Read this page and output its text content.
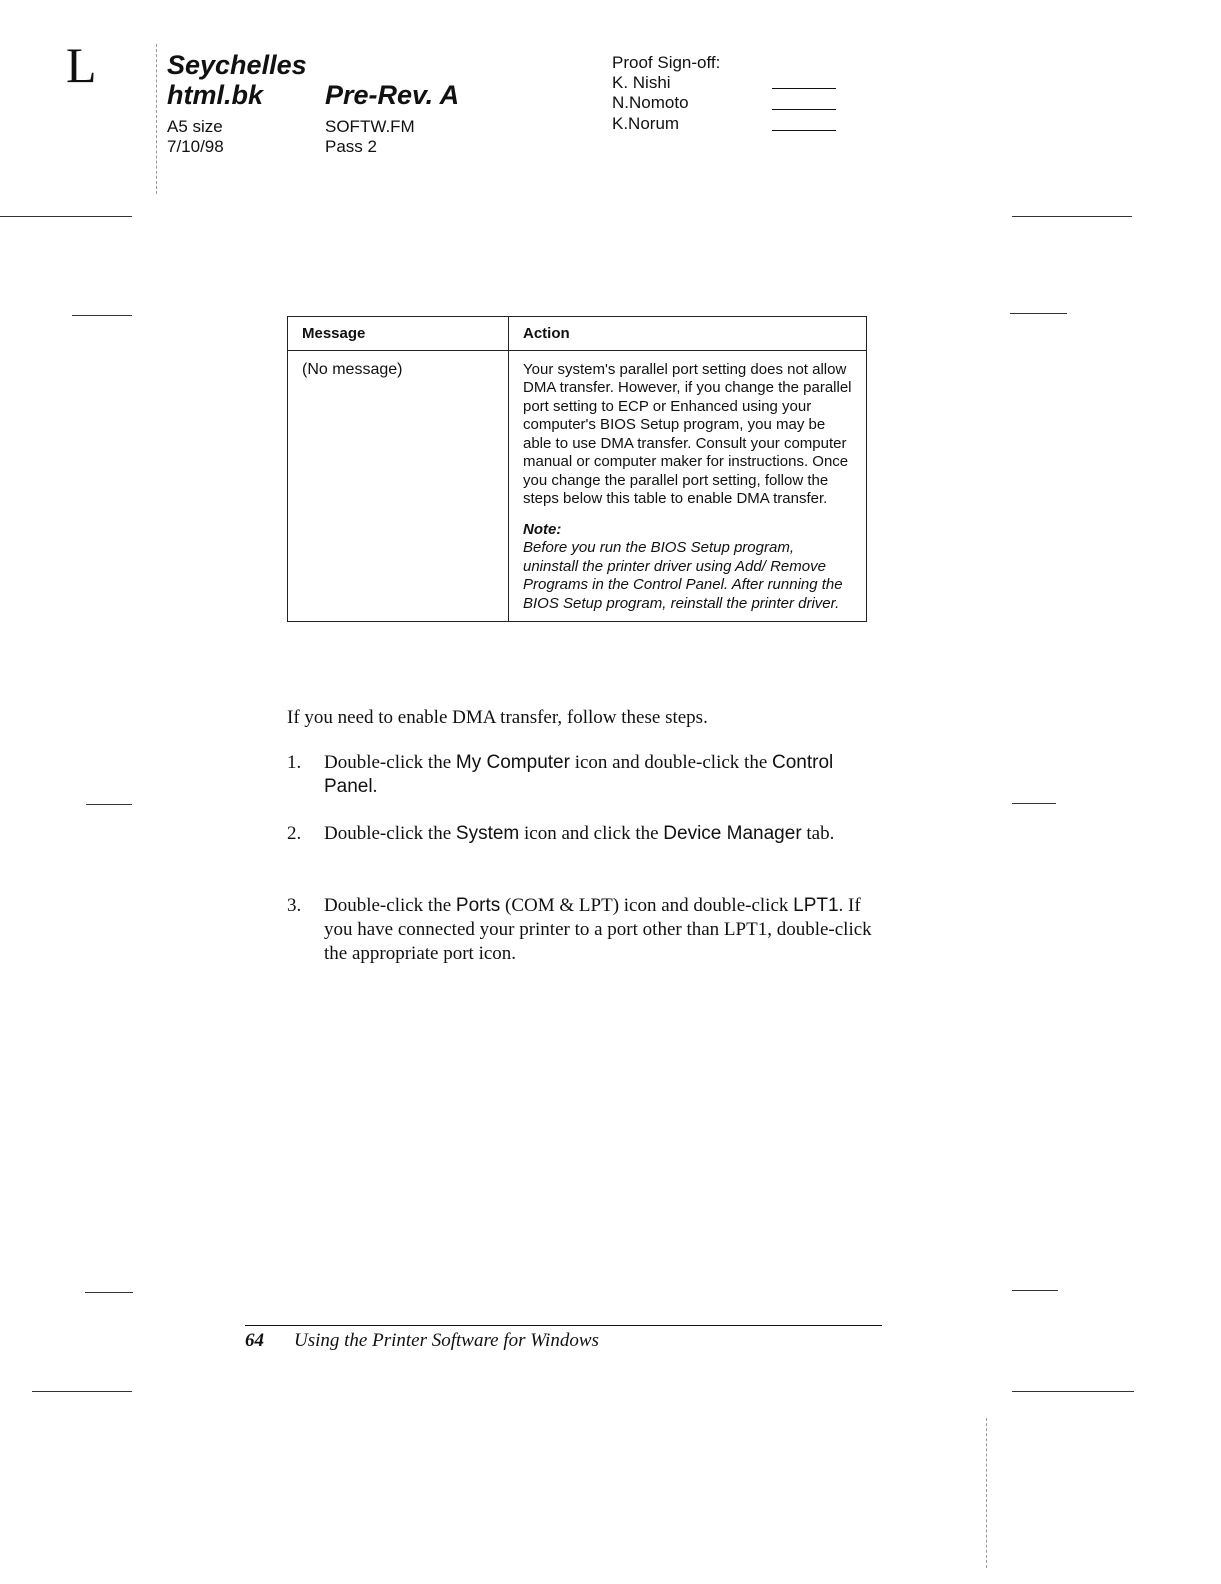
L	Seychelles
html.bk Pre-Rev. A
A5 size
7/10/98
SOFTW.FM
Pass 2
Proof Sign-off:
K. Nishi
N.Nomoto
K.Norum
Message	Action
(No message)	Your system's parallel port setting does not allow DMA transfer. However, if you change the parallel port setting to ECP or Enhanced using your computer's BIOS Setup program, you may be able to use DMA transfer. Consult your computer manual or computer maker for instructions. Once you change the parallel port setting, follow the steps below this table to enable DMA transfer.
Note:
Before you run the BIOS Setup program, uninstall the printer driver using Add/ Remove Programs in the Control Panel. After running the BIOS Setup program, reinstall the printer driver.
If you need to enable DMA transfer, follow these steps.
1. Double-click the My Computer icon and double-click the Control Panel.
2. Double-click the System icon and click the Device Manager tab.
3. Double-click the Ports (COM & LPT) icon and double-click LPT1. If you have connected your printer to a port other than LPT1, double-click the appropriate port icon.
64 Using the Printer Software for Windows
